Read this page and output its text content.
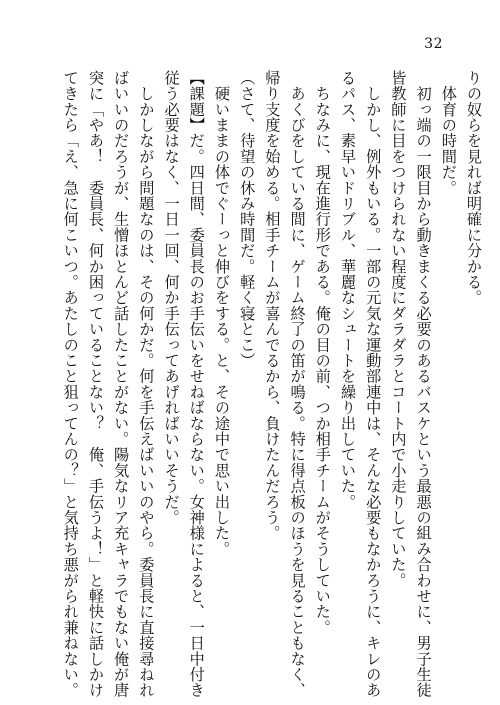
32
りの奴らを見れば明確に分かる。
　体育の時間だ。
　初っ端の一限目から動きまくる必要のあるバスケという最悪の組み合わせに、男子生徒
皆教師に目をつけられない程度にダラダラとコート内で小走りしていた。
　しかし、例外もいる。一部の元気な運動部連中は、そんな必要もなかろうに、キレのあ
るパス、素早いドリブル、華麗なシュートを繰り出していた。
　ちなみに、現在進行形である。俺の目の前、つか相手チームがそうしていた。
　あくびをしている間に、ゲーム終了の笛が鳴る。特に得点板のほうを見ることもなく、
帰り支度を始める。相手チームが喜んでるから、負けたんだろう。
（さて、待望の休み時間だ。軽く寝とこ）
　硬いままの体でぐーっと伸びをする。と、その途中で思い出した。
【課題】だ。四日間、委員長のお手伝いをせねばならない。女神様によると、一日中付き
従う必要はなく、一日一回、何か手伝ってあげればいいそうだ。
　しかしながら問題なのは、その何かだ。何を手伝えばいいのやら。委員長に直接尋ねれ
ばいいのだろうが、生憎ほとんど話したことがない。陽気なリア充キャラでもない俺が唐
突に「やあ！　委員長、何か困っていることない？　俺、手伝うよ！」と軽快に話しかけ
てきたら「え、急に何こいつ。あたしのこと狙ってんの？」と気持ち悪がられ兼ねない。
